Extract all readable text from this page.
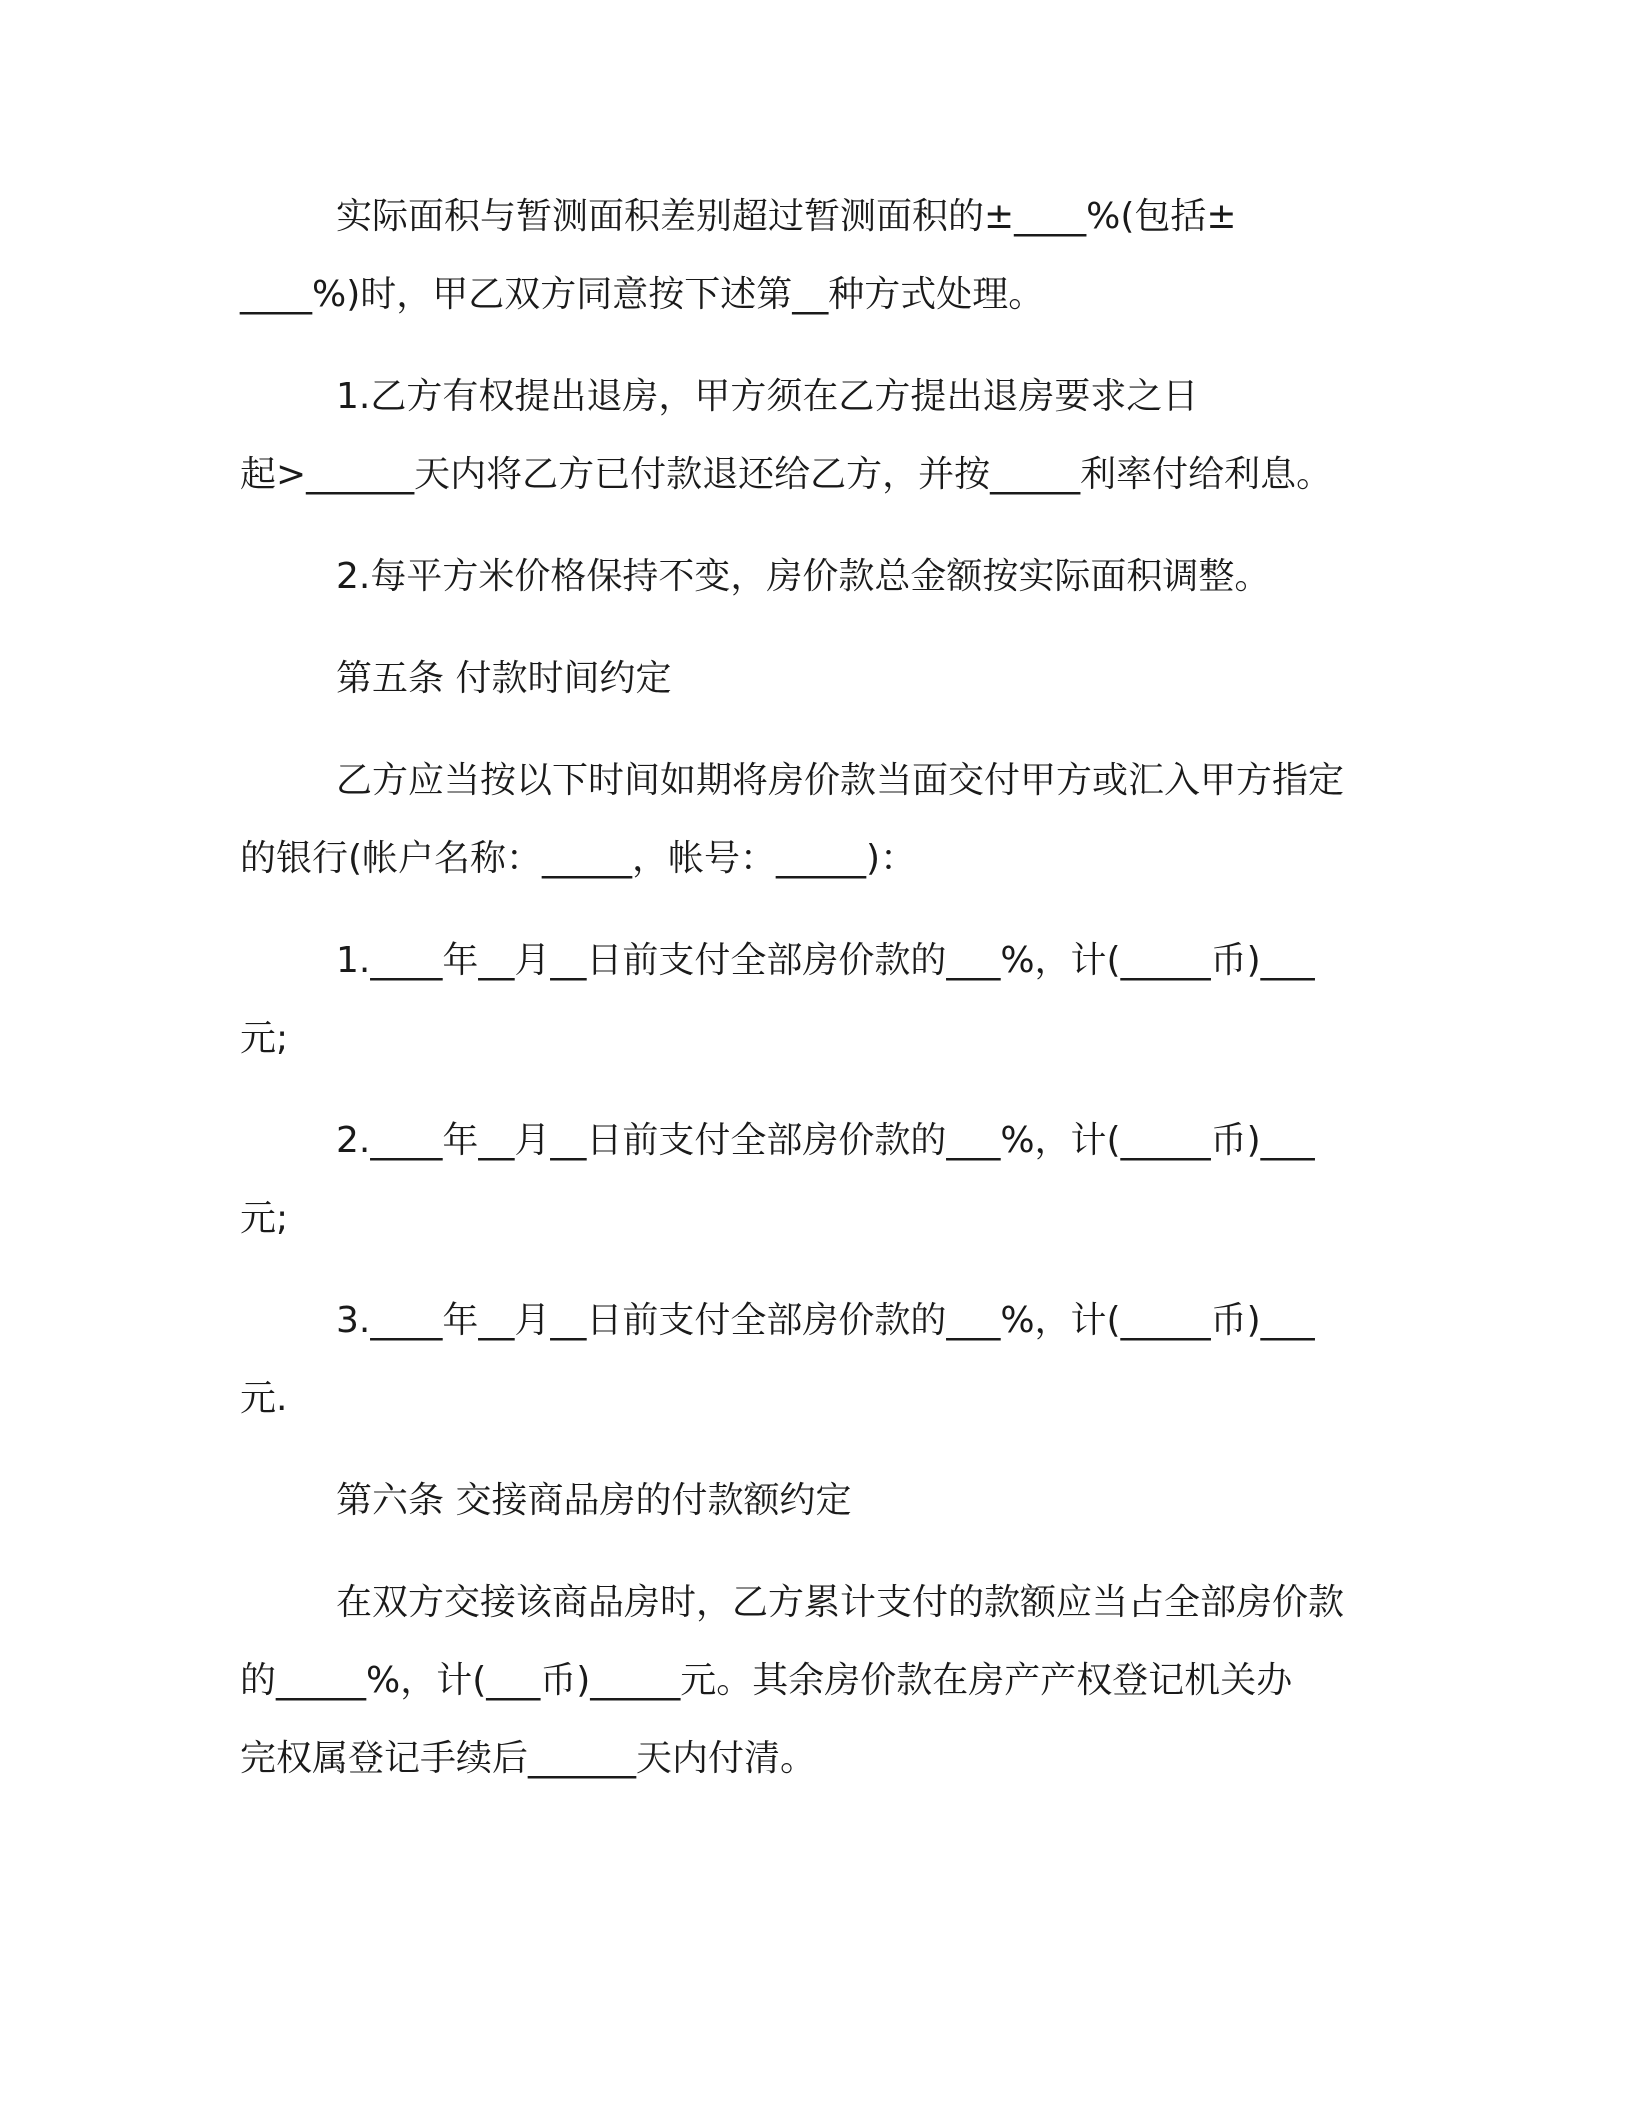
实际面积与暂测面积差别超过暂测面积的±____%(包括±
____%)时，甲乙双方同意按下述第__种方式处理。
1.乙方有权提出退房，甲方须在乙方提出退房要求之日
起>______天内将乙方已付款退还给乙方，并按_____利率付给利息。
2.每平方米价格保持不变，房价款总金额按实际面积调整。
第五条 付款时间约定
乙方应当按以下时间如期将房价款当面交付甲方或汇入甲方指定
的银行(帐户名称：_____，帐号：_____)：
1.____年__月__日前支付全部房价款的___%，计(_____币)___
元;
2.____年__月__日前支付全部房价款的___%，计(_____币)___
元;
3.____年__月__日前支付全部房价款的___%，计(_____币)___
元.
第六条 交接商品房的付款额约定
在双方交接该商品房时，乙方累计支付的款额应当占全部房价款
的_____%，计(___币)_____元。其余房价款在房产产权登记机关办
完权属登记手续后______天内付清。
